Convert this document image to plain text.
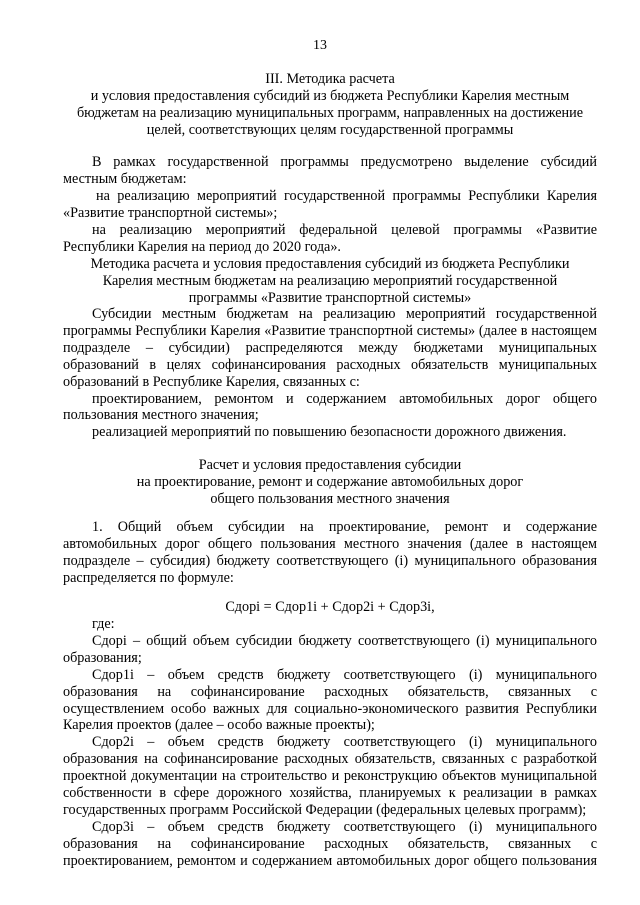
13
III. Методика расчета
и условия предоставления субсидий из бюджета Республики Карелия местным
бюджетам на реализацию муниципальных программ, направленных на достижение
целей, соответствующих целям государственной программы
В рамках государственной программы предусмотрено выделение субсидий
местным бюджетам:
на реализацию мероприятий государственной программы Республики Карелия
«Развитие транспортной системы»;
на реализацию мероприятий федеральной целевой программы «Развитие
Республики Карелия на период до 2020 года».
Методика расчета и условия предоставления субсидий из бюджета Республики
Карелия местным бюджетам на реализацию мероприятий государственной
программы «Развитие транспортной системы»
Субсидии местным бюджетам на реализацию мероприятий государственной
программы Республики Карелия «Развитие транспортной системы» (далее в настоящем
подразделе – субсидии) распределяются между бюджетами муниципальных
образований в целях софинансирования расходных обязательств муниципальных
образований в Республике Карелия, связанных с:
проектированием, ремонтом и содержанием автомобильных дорог общего
пользования местного значения;
реализацией мероприятий по повышению безопасности дорожного движения.
Расчет и условия предоставления субсидии
на проектирование, ремонт и содержание автомобильных дорог
общего пользования местного значения
1. Общий объем субсидии на проектирование, ремонт и содержание
автомобильных дорог общего пользования местного значения (далее в настоящем
подразделе – субсидия) бюджету соответствующего (i) муниципального образования
распределяется по формуле:
Сдорi = Сдор1i + Сдор2i + Сдор3i,
где:
Сдорi – общий объем субсидии бюджету соответствующего (i) муниципального
образования;
Сдор1i – объем средств бюджету соответствующего (i) муниципального
образования на софинансирование расходных обязательств, связанных с
осуществлением особо важных для социально-экономического развития Республики
Карелия проектов (далее – особо важные проекты);
Сдор2i – объем средств бюджету соответствующего (i) муниципального
образования на софинансирование расходных обязательств, связанных с разработкой
проектной документации на строительство и реконструкцию объектов муниципальной
собственности в сфере дорожного хозяйства, планируемых к реализации в рамках
государственных программ Российской Федерации (федеральных целевых программ);
Сдор3i – объем средств бюджету соответствующего (i) муниципального
образования на софинансирование расходных обязательств, связанных с
проектированием, ремонтом и содержанием автомобильных дорог общего пользования
